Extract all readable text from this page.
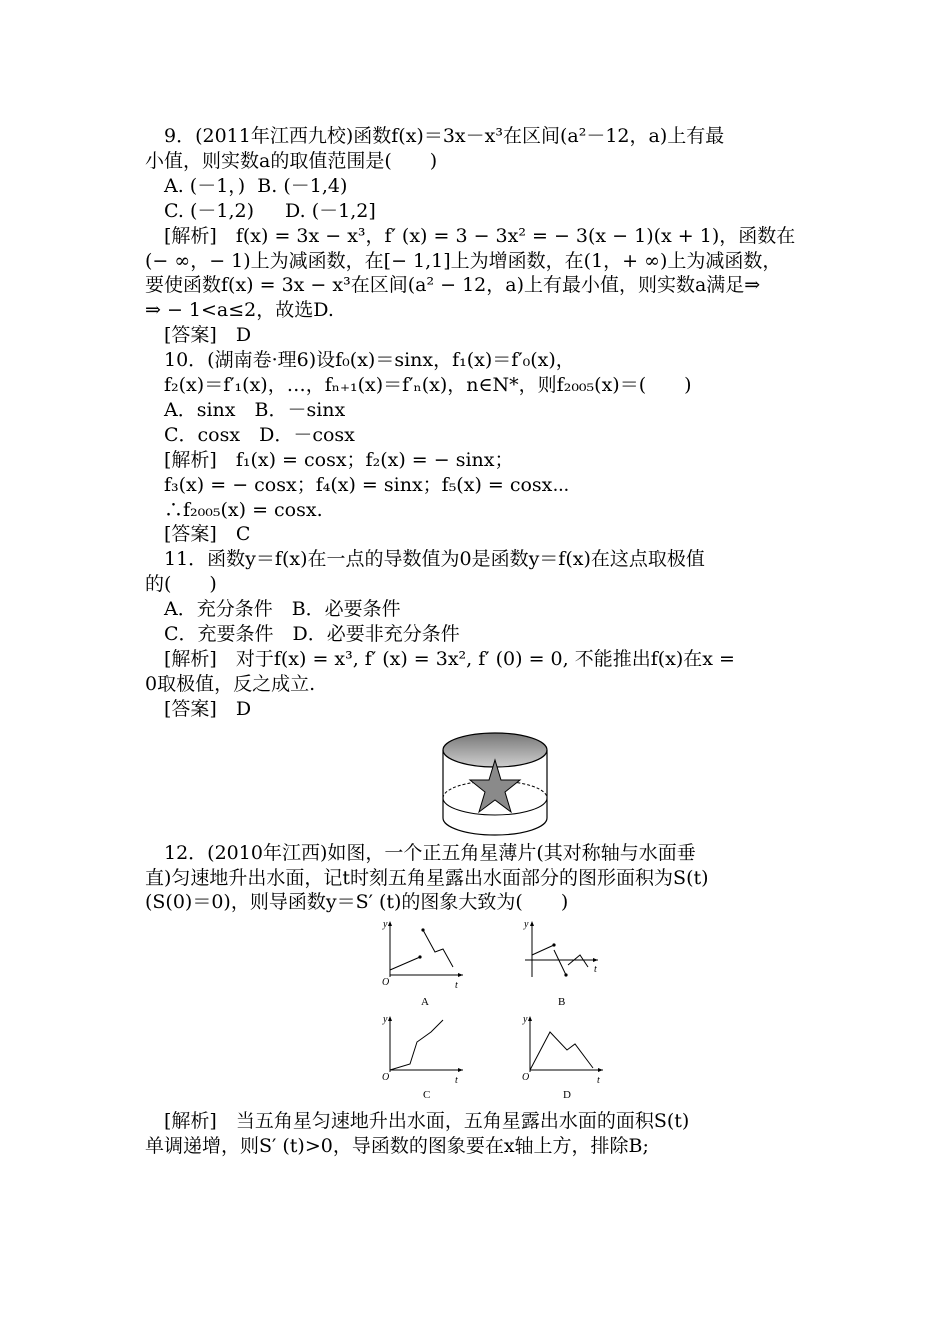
　9．(2011年江西九校)函数f(x)＝3x－x³在区间(a²－12，a)上有最
小值，则实数a的取值范围是(　　)
　A. (－1，)  B. (－1,4)
　C. (－1,2)　  D. (－1,2]
　[解析]　f(x) = 3x − x³，f′ (x) = 3 − 3x² = − 3(x − 1)(x + 1)，函数在
(− ∞，− 1)上为减函数，在[− 1,1]上为增函数，在(1，+ ∞)上为减函数，
要使函数f(x) = 3x − x³在区间(a² − 12，a)上有最小值，则实数a满足⇒
⇒ − 1<a≤2，故选D.
　[答案]　D
　10．(湖南卷·理6)设f₀(x)＝sinx，f₁(x)＝f′₀(x)，
　f₂(x)＝f′₁(x)，…，fₙ₊₁(x)＝f′ₙ(x)，n∈N*，则f₂₀₀₅(x)＝(　　)
　A．sinx　B．－sinx
　C．cosx　D．－cosx
　[解析]　f₁(x) = cosx；f₂(x) = − sinx；
　f₃(x) = − cosx；f₄(x) = sinx；f₅(x) = cosx⋯
　∴f₂₀₀₅(x) = cosx.
　[答案]　C
　11．函数y＝f(x)在一点的导数值为0是函数y＝f(x)在这点取极值
的(　　)
　A．充分条件　B．必要条件
　C．充要条件　D．必要非充分条件
　[解析]　对于f(x) = x³, f′ (x) = 3x², f′ (0) = 0, 不能推出f(x)在x =
0取极值，反之成立.
　[答案]　D
　12．(2010年江西)如图，一个正五角星薄片(其对称轴与水面垂
直)匀速地升出水面，记t时刻五角星露出水面部分的图形面积为S(t)
(S(0)＝0)，则导函数y＝S′ (t)的图象大致为(　　)
y
t
O
A
y
t
B
y
t
O
C
y
t
O
D
　[解析]　当五角星匀速地升出水面，五角星露出水面的面积S(t)
单调递增，则S′ (t)>0，导函数的图象要在x轴上方，排除B;
